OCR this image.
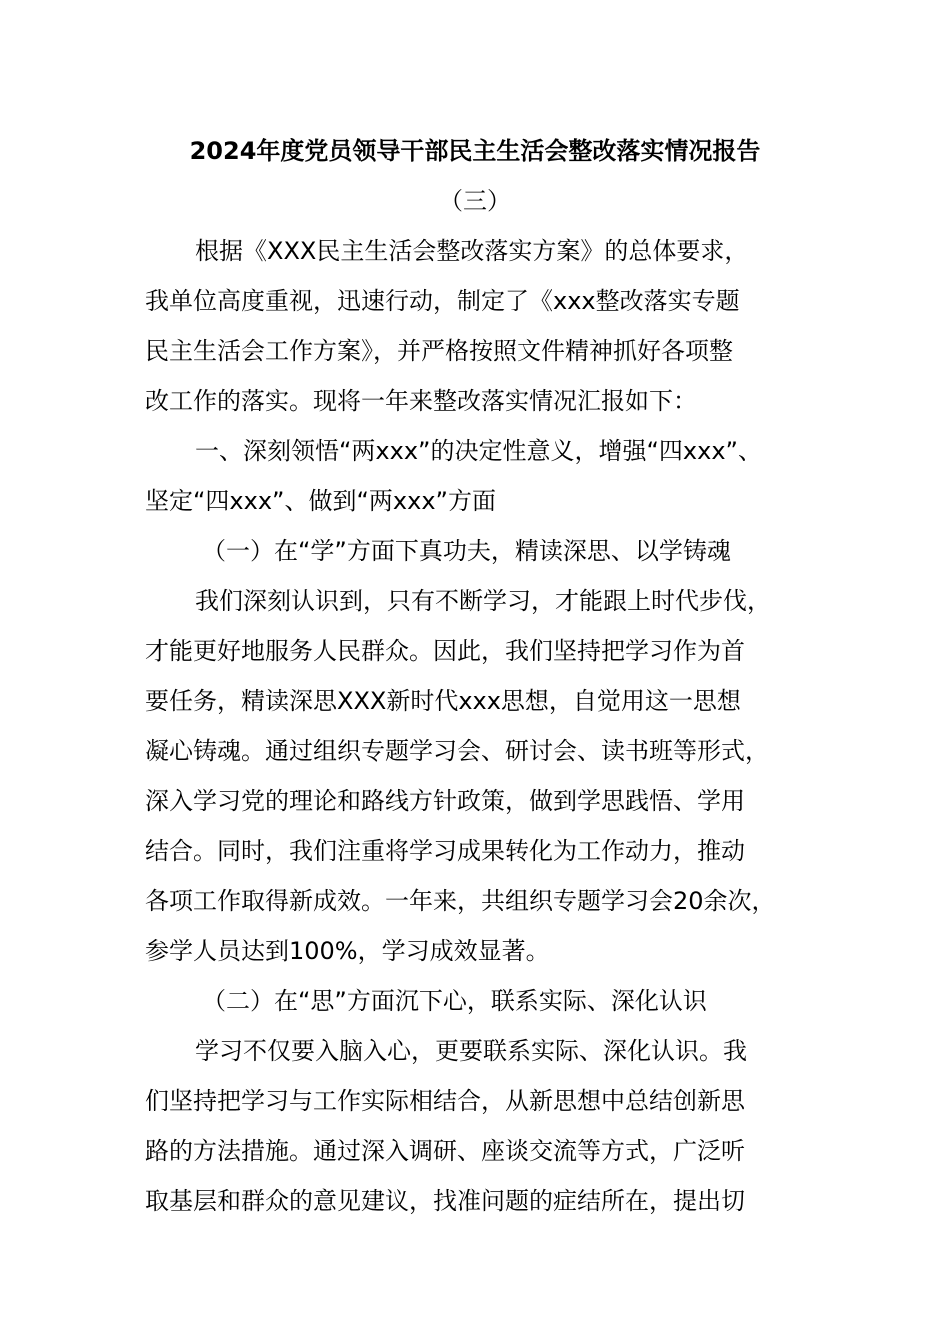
2024年度党员领导干部民主生活会整改落实情况报告
（三）
根据《XXX民主生活会整改落实方案》的总体要求，
我单位高度重视，迅速行动，制定了《xxx整改落实专题
民主生活会工作方案》，并严格按照文件精神抓好各项整
改工作的落实。现将一年来整改落实情况汇报如下：
一、深刻领悟“两xxx”的决定性意义，增强“四xxx”、
坚定“四xxx”、做到“两xxx”方面
（一）在“学”方面下真功夫，精读深思、以学铸魂
我们深刻认识到，只有不断学习，才能跟上时代步伐，
才能更好地服务人民群众。因此，我们坚持把学习作为首
要任务，精读深思XXX新时代xxx思想，自觉用这一思想
凝心铸魂。通过组织专题学习会、研讨会、读书班等形式，
深入学习党的理论和路线方针政策，做到学思践悟、学用
结合。同时，我们注重将学习成果转化为工作动力，推动
各项工作取得新成效。一年来，共组织专题学习会20余次，
参学人员达到100%，学习成效显著。
（二）在“思”方面沉下心，联系实际、深化认识
学习不仅要入脑入心，更要联系实际、深化认识。我
们坚持把学习与工作实际相结合，从新思想中总结创新思
路的方法措施。通过深入调研、座谈交流等方式，广泛听
取基层和群众的意见建议，找准问题的症结所在，提出切
